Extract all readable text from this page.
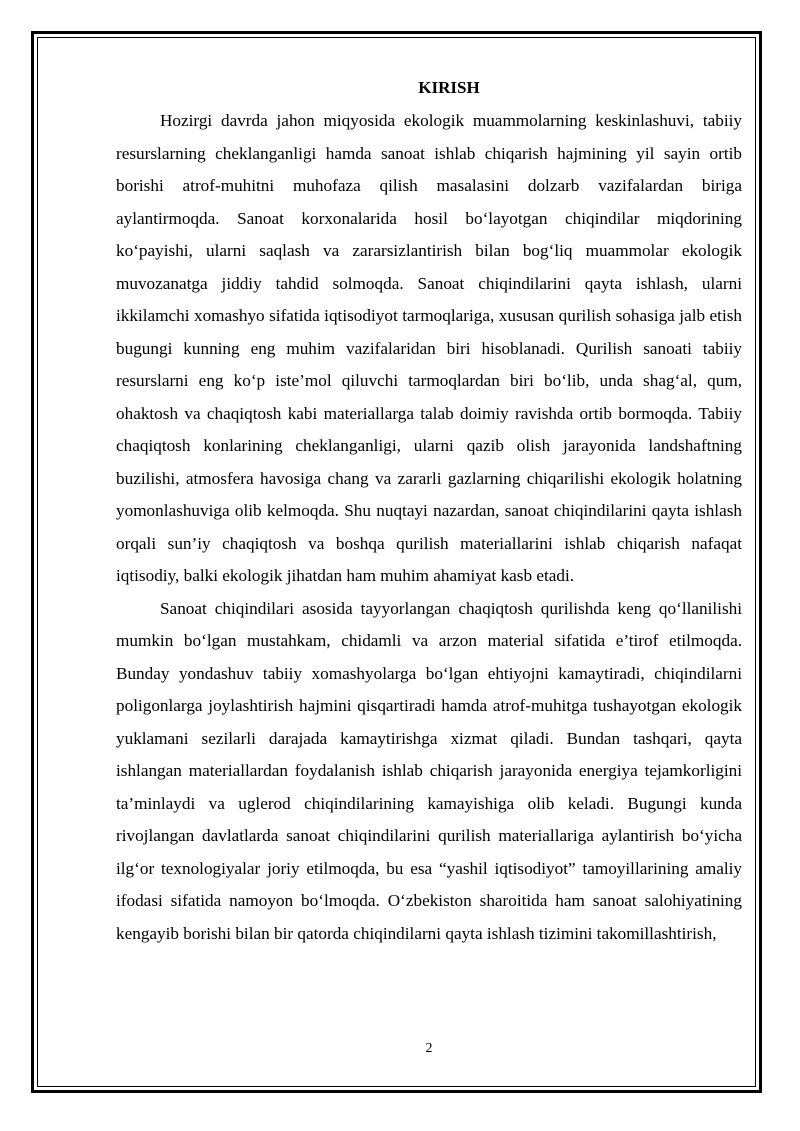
KIRISH

Hozirgi davrda jahon miqyosida ekologik muammolarning keskinlashuvi, tabiiy resurslarning cheklanganligi hamda sanoat ishlab chiqarish hajmining yil sayin ortib borishi atrof-muhitni muhofaza qilish masalasini dolzarb vazifalardan biriga aylantirmoqda. Sanoat korxonalarida hosil bo‘layotgan chiqindilar miqdorining ko‘payishi, ularni saqlash va zararsizlantirish bilan bog‘liq muammolar ekologik muvozanatga jiddiy tahdid solmoqda. Sanoat chiqindilarini qayta ishlash, ularni ikkilamchi xomashyo sifatida iqtisodiyot tarmoqlariga, xususan qurilish sohasiga jalb etish bugungi kunning eng muhim vazifalaridan biri hisoblanadi. Qurilish sanoati tabiiy resurslarni eng ko‘p iste’mol qiluvchi tarmoqlardan biri bo‘lib, unda shag‘al, qum, ohaktosh va chaqiqtosh kabi materiallarga talab doimiy ravishda ortib bormoqda. Tabiiy chaqiqtosh konlarining cheklanganligi, ularni qazib olish jarayonida landshaftning buzilishi, atmosfera havosiga chang va zararli gazlarning chiqarilishi ekologik holatning yomonlashuviga olib kelmoqda. Shu nuqtayi nazardan, sanoat chiqindilarini qayta ishlash orqali sun’iy chaqiqtosh va boshqa qurilish materiallarini ishlab chiqarish nafaqat iqtisodiy, balki ekologik jihatdan ham muhim ahamiyat kasb etadi.

Sanoat chiqindilari asosida tayyorlangan chaqiqtosh qurilishda keng qo‘llanilishi mumkin bo‘lgan mustahkam, chidamli va arzon material sifatida e’tirof etilmoqda. Bunday yondashuv tabiiy xomashyolarga bo‘lgan ehtiyojni kamaytiradi, chiqindilarni poligonlarga joylashtirish hajmini qisqartiradi hamda atrof-muhitga tushayotgan ekologik yuklamani sezilarli darajada kamaytirishga xizmat qiladi. Bundan tashqari, qayta ishlangan materiallardan foydalanish ishlab chiqarish jarayonida energiya tejamkorligini ta’minlaydi va uglerod chiqindilarining kamayishiga olib keladi. Bugungi kunda rivojlangan davlatlarda sanoat chiqindilarini qurilish materiallariga aylantirish bo‘yicha ilg‘or texnologiyalar joriy etilmoqda, bu esa “yashil iqtisodiyot” tamoyillarining amaliy ifodasi sifatida namoyon bo‘lmoqda. O‘zbekiston sharoitida ham sanoat salohiyatining kengayib borishi bilan bir qatorda chiqindilarni qayta ishlash tizimini takomillashtirish,

2
